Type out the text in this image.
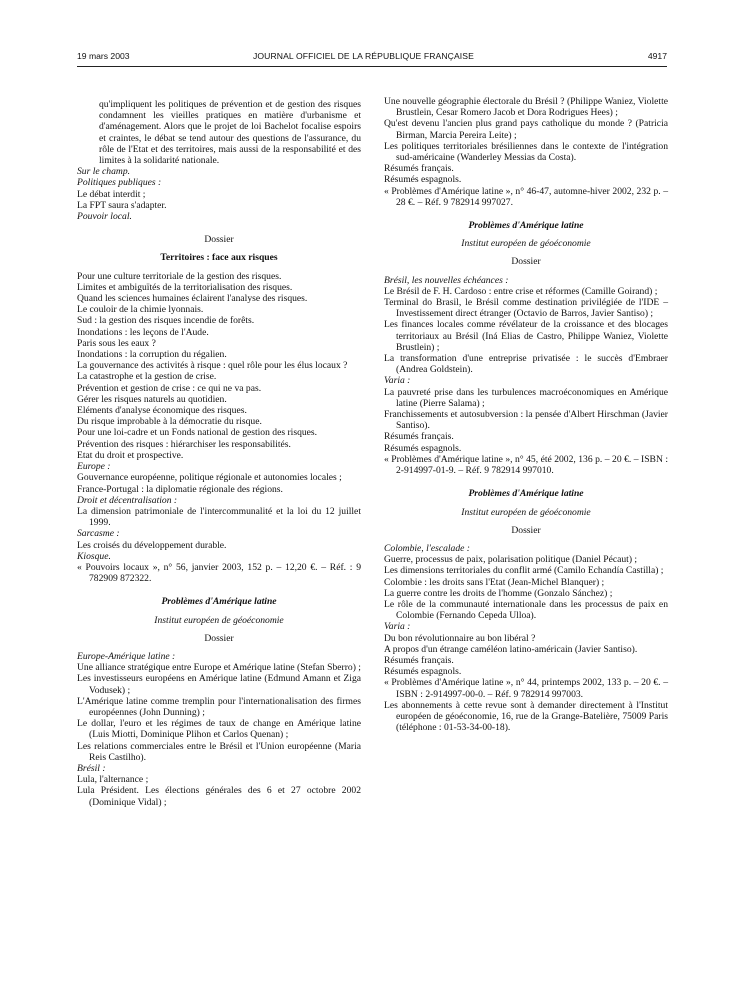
19 mars 2003	JOURNAL OFFICIEL DE LA RÉPUBLIQUE FRANÇAISE	4917

qu'impliquent les politiques de prévention et de gestion des risques condamnent les vieilles pratiques en matière d'urbanisme et d'aménagement. Alors que le projet de loi Bachelot focalise espoirs et craintes, le débat se tend autour des questions de l'assurance, du rôle de l'Etat et des territoires, mais aussi de la responsabilité et des limites à la solidarité nationale.

Sur le champ.

Politiques publiques :

Le débat interdit ;

La FPT saura s'adapter.

Pouvoir local.

Dossier

Territoires : face aux risques

Pour une culture territoriale de la gestion des risques.

Limites et ambiguïtés de la territorialisation des risques.

Quand les sciences humaines éclairent l'analyse des risques.

Le couloir de la chimie lyonnais.

Sud : la gestion des risques incendie de forêts.

Inondations : les leçons de l'Aude.

Paris sous les eaux ?

Inondations : la corruption du régalien.

La gouvernance des activités à risque : quel rôle pour les élus locaux ?

La catastrophe et la gestion de crise.

Prévention et gestion de crise : ce qui ne va pas.

Gérer les risques naturels au quotidien.

Eléments d'analyse économique des risques.

Du risque improbable à la démocratie du risque.

Pour une loi-cadre et un Fonds national de gestion des risques.

Prévention des risques : hiérarchiser les responsabilités.

Etat du droit et prospective.

Europe :

Gouvernance européenne, politique régionale et autonomies locales ;

France-Portugal : la diplomatie régionale des régions.

Droit et décentralisation :

La dimension patrimoniale de l'intercommunalité et la loi du 12 juillet 1999.

Sarcasme :

Les croisés du développement durable.

Kiosque.

« Pouvoirs locaux », n° 56, janvier 2003, 152 p. – 12,20 €. – Réf. : 9 782909 872322.

Problèmes d'Amérique latine

Institut européen de géoéconomie

Dossier

Europe-Amérique latine :

Une alliance stratégique entre Europe et Amérique latine (Stefan Sberro) ;

Les investisseurs européens en Amérique latine (Edmund Amann et Ziga Vodusek) ;

L'Amérique latine comme tremplin pour l'internationalisation des firmes européennes (John Dunning) ;

Le dollar, l'euro et les régimes de taux de change en Amérique latine (Luis Miotti, Dominique Plihon et Carlos Quenan) ;

Les relations commerciales entre le Brésil et l'Union européenne (Maria Reis Castilho).

Brésil :

Lula, l'alternance ;

Lula Président. Les élections générales des 6 et 27 octobre 2002 (Dominique Vidal) ;

Une nouvelle géographie électorale du Brésil ? (Philippe Waniez, Violette Brustlein, Cesar Romero Jacob et Dora Rodrigues Hees) ;

Qu'est devenu l'ancien plus grand pays catholique du monde ? (Patricia Birman, Marcia Pereira Leite) ;

Les politiques territoriales brésiliennes dans le contexte de l'intégration sud-américaine (Wanderley Messias da Costa).

Résumés français.

Résumés espagnols.

« Problèmes d'Amérique latine », n° 46-47, automne-hiver 2002, 232 p. – 28 €. – Réf. 9 782914 997027.

Problèmes d'Amérique latine

Institut européen de géoéconomie

Dossier

Brésil, les nouvelles échéances :

Le Brésil de F. H. Cardoso : entre crise et réformes (Camille Goirand) ;

Terminal do Brasil, le Brésil comme destination privilégiée de l'IDE – Investissement direct étranger (Octavio de Barros, Javier Santiso) ;

Les finances locales comme révélateur de la croissance et des blocages territoriaux au Brésil (Iná Elias de Castro, Philippe Waniez, Violette Brustlein) ;

La transformation d'une entreprise privatisée : le succès d'Embraer (Andrea Goldstein).

Varia :

La pauvreté prise dans les turbulences macroéconomiques en Amérique latine (Pierre Salama) ;

Franchissements et autosubversion : la pensée d'Albert Hirschman (Javier Santiso).

Résumés français.

Résumés espagnols.

« Problèmes d'Amérique latine », n° 45, été 2002, 136 p. – 20 €. – ISBN : 2-914997-01-9. – Réf. 9 782914 997010.

Problèmes d'Amérique latine

Institut européen de géoéconomie

Dossier

Colombie, l'escalade :

Guerre, processus de paix, polarisation politique (Daniel Pécaut) ;

Les dimensions territoriales du conflit armé (Camilo Echandía Castilla) ;

Colombie : les droits sans l'Etat (Jean-Michel Blanquer) ;

La guerre contre les droits de l'homme (Gonzalo Sánchez) ;

Le rôle de la communauté internationale dans les processus de paix en Colombie (Fernando Cepeda Ulloa).

Varia :

Du bon révolutionnaire au bon libéral ?

A propos d'un étrange caméléon latino-américain (Javier Santiso).

Résumés français.

Résumés espagnols.

« Problèmes d'Amérique latine », n° 44, printemps 2002, 133 p. – 20 €. – ISBN : 2-914997-00-0. – Réf. 9 782914 997003.

Les abonnements à cette revue sont à demander directement à l'Institut européen de géoéconomie, 16, rue de la Grange-Batelière, 75009 Paris (téléphone : 01-53-34-00-18).
